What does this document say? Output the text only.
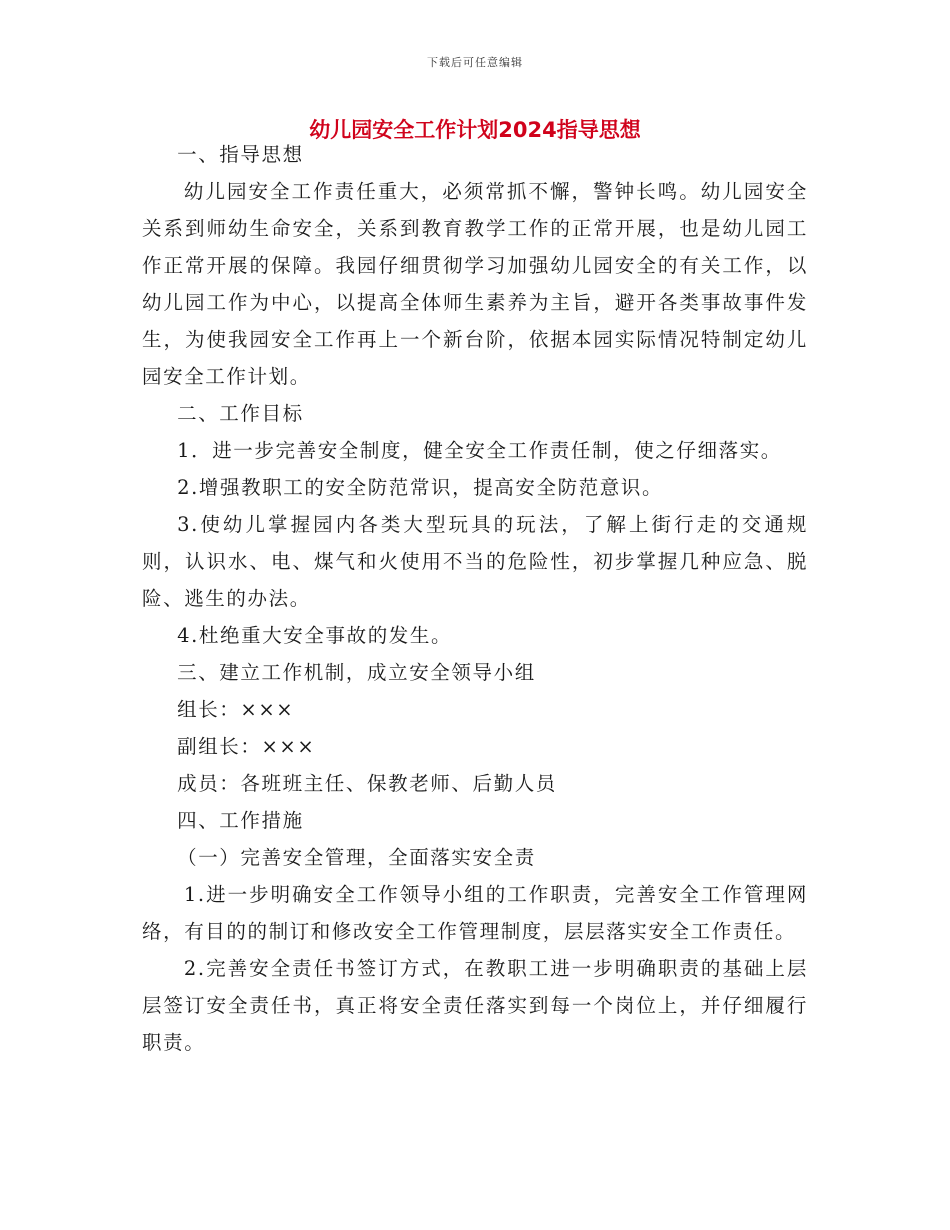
下载后可任意编辑
幼儿园安全工作计划2024指导思想

一、指导思想

幼儿园安全工作责任重大，必须常抓不懈，警钟长鸣。幼儿园安全关系到师幼生命安全，关系到教育教学工作的正常开展，也是幼儿园工作正常开展的保障。我园仔细贯彻学习加强幼儿园安全的有关工作，以幼儿园工作为中心，以提高全体师生素养为主旨，避开各类事故事件发生，为使我园安全工作再上一个新台阶，依据本园实际情况特制定幼儿园安全工作计划。

二、工作目标

1．进一步完善安全制度，健全安全工作责任制，使之仔细落实。

2.增强教职工的安全防范常识，提高安全防范意识。

3.使幼儿掌握园内各类大型玩具的玩法，了解上街行走的交通规则，认识水、电、煤气和火使用不当的危险性，初步掌握几种应急、脱险、逃生的办法。

4.杜绝重大安全事故的发生。

三、建立工作机制，成立安全领导小组

组长：×××

副组长：×××

成员：各班班主任、保教老师、后勤人员

四、工作措施

（一）完善安全管理，全面落实安全责

1.进一步明确安全工作领导小组的工作职责，完善安全工作管理网络，有目的的制订和修改安全工作管理制度，层层落实安全工作责任。

2.完善安全责任书签订方式，在教职工进一步明确职责的基础上层层签订安全责任书，真正将安全责任落实到每一个岗位上，并仔细履行职责。
